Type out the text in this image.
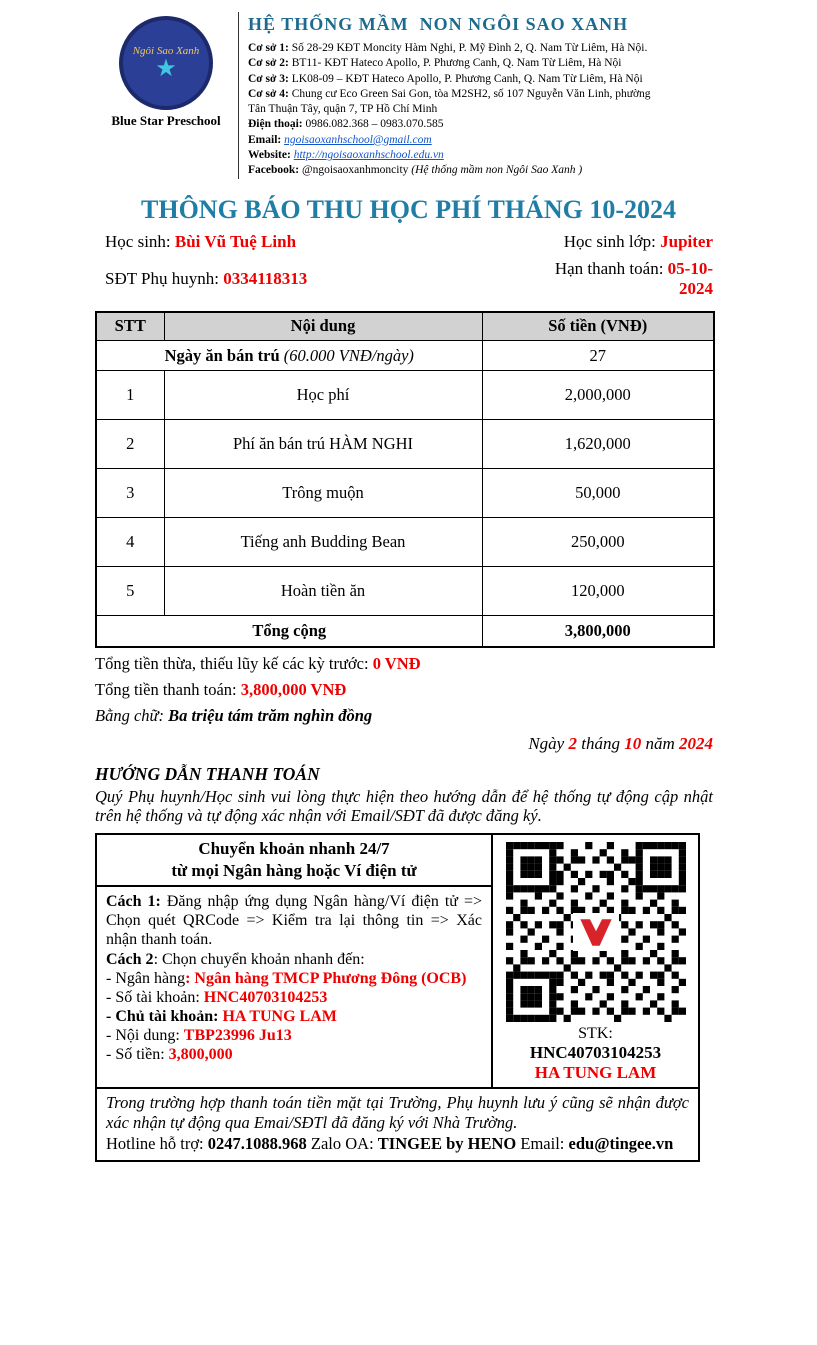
Ngôi Sao Xanh
★
Blue Star Preschool
HỆ THỐNG MẦM  NON NGÔI SAO XANH

Cơ sở 1: Số 28-29 KĐT Moncity Hàm Nghi, P. Mỹ Đình 2, Q. Nam Từ Liêm, Hà Nội.

Cơ sở 2: BT11- KĐT Hateco Apollo, P. Phương Canh, Q. Nam Từ Liêm, Hà Nội

Cơ sở 3: LK08-09 – KĐT Hateco Apollo, P. Phương Canh, Q. Nam Từ Liêm, Hà Nội

Cơ sở 4: Chung cư Eco Green Sai Gon, tòa M2SH2, số 107 Nguyễn Văn Linh, phường Tân Thuận Tây, quận 7, TP Hồ Chí Minh

Điện thoại: 0986.082.368 – 0983.070.585

Email: ngoisaoxanhschool@gmail.com

Website: http://ngoisaoxanhschool.edu.vn

Facebook: @ngoisaoxanhmoncity (Hệ thống mầm non Ngôi Sao Xanh )

THÔNG BÁO THU HỌC PHÍ THÁNG 10-2024
Học sinh: Bùi Vũ Tuệ Linh	Học sinh lớp: Jupiter
SĐT Phụ huynh: 0334118313
Hạn thanh toán: 05-10-2024
STT	Nội dung	Số tiền (VNĐ)
Ngày ăn bán trú (60.000 VNĐ/ngày)		27
1	Học phí	2,000,000
2	Phí ăn bán trú HÀM NGHI	1,620,000
3	Trông muộn	50,000
4	Tiếng anh Budding Bean	250,000
5	Hoàn tiền ăn	120,000
Tổng cộng		3,800,000

Tổng tiền thừa, thiếu lũy kế các kỳ trước: 0 VNĐ

Tổng tiền thanh toán: 3,800,000 VNĐ

Bằng chữ: Ba triệu tám trăm nghìn đồng

Ngày 2 tháng 10 năm 2024

HƯỚNG DẪN THANH TOÁN

Quý Phụ huynh/Học sinh vui lòng thực hiện theo hướng dẫn để hệ thống tự động cập nhật trên hệ thống và tự động xác nhận với Email/SĐT đã được đăng ký.

Chuyển khoản nhanh 24/7
từ mọi Ngân hàng hoặc Ví điện tử

Cách 1: Đăng nhập ứng dụng Ngân hàng/Ví điện tử => Chọn quét QRCode => Kiểm tra lại thông tin => Xác nhận thanh toán.

Cách 2: Chọn chuyển khoản nhanh đến:

- Ngân hàng: Ngân hàng TMCP Phương Đông (OCB)

- Số tài khoản: HNC40703104253

- Chủ tài khoản: HA TUNG LAM

- Nội dung: TBP23996 Ju13

- Số tiền: 3,800,000

STK:
HNC40703104253
HA TUNG LAM

Trong trường hợp thanh toán tiền mặt tại Trường, Phụ huynh lưu ý cũng sẽ nhận được xác nhận tự động qua Emai/SĐTl đã đăng ký với Nhà Trường.

Hotline hỗ trợ: 0247.1088.968 Zalo OA: TINGEE by HENO Email: edu@tingee.vn
